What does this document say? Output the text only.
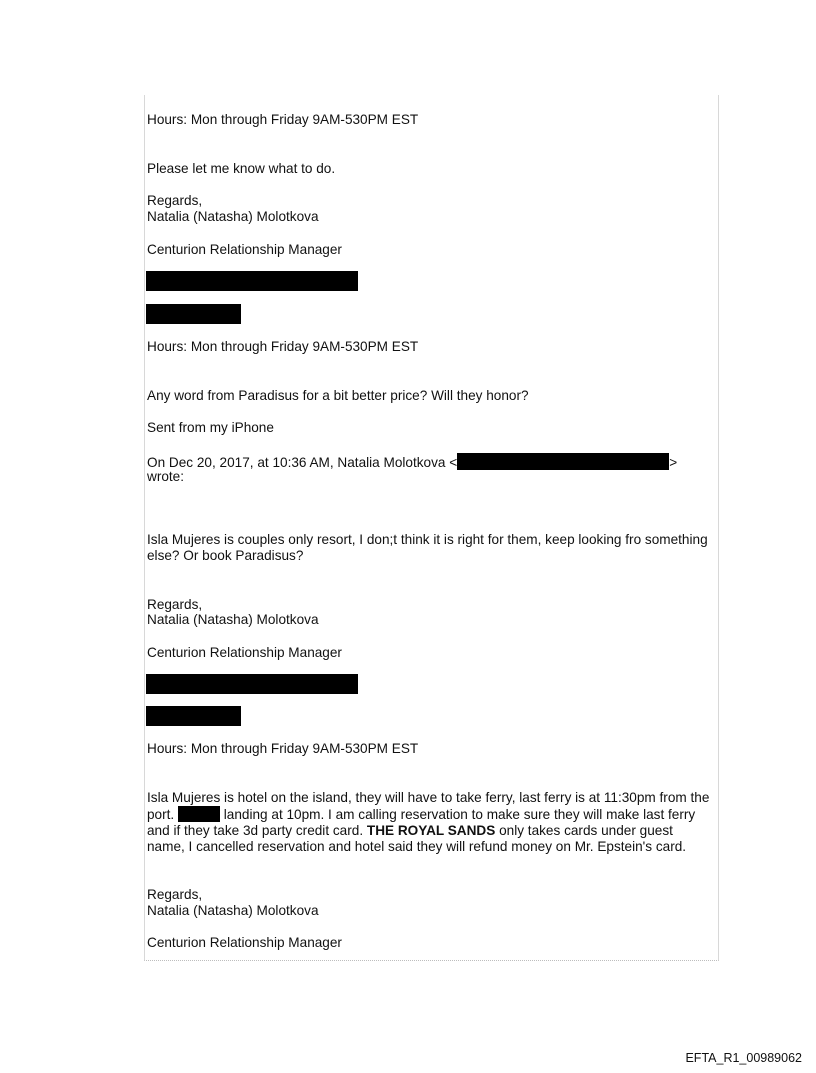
Hours: Mon through Friday 9AM-530PM EST
Please let me know what to do.
Regards,
Natalia (Natasha) Molotkova
Centurion Relationship Manager
Hours: Mon through Friday 9AM-530PM EST
Any word from Paradisus for a bit better price? Will they honor?
Sent from my iPhone
On Dec 20, 2017, at 10:36 AM, Natalia Molotkova <	>
wrote:
Isla Mujeres is couples only resort, I don;t think it is right for them, keep looking fro something else? Or book Paradisus?
Regards,
Natalia (Natasha) Molotkova
Centurion Relationship Manager
Hours: Mon through Friday 9AM-530PM EST
Isla Mujeres is hotel on the island, they will have to take ferry, last ferry is at 11:30pm from the port.	landing at 10pm. I am calling reservation to make sure they will make last ferry and if they take 3d party credit card. THE ROYAL SANDS only takes cards under guest name, I cancelled reservation and hotel said they will refund money on Mr. Epstein's card.
Regards,
Natalia (Natasha) Molotkova
Centurion Relationship Manager
EFTA_R1_00989062
